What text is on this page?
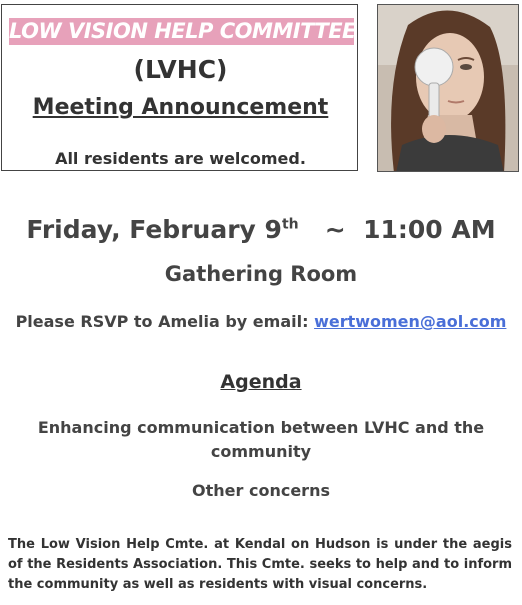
LOW VISION HELP COMMITTEE
(LVHC)
Meeting Announcement
All residents are welcomed.
Friday, February 9th ~ 11:00 AM
Gathering Room
Please RSVP to Amelia by email: wertwomen@aol.com
Agenda
Enhancing communication between LVHC and the community
Other concerns
The Low Vision Help Cmte. at Kendal on Hudson is under the aegis of the Residents Association. This Cmte. seeks to help and to inform the community as well as residents with visual concerns.
